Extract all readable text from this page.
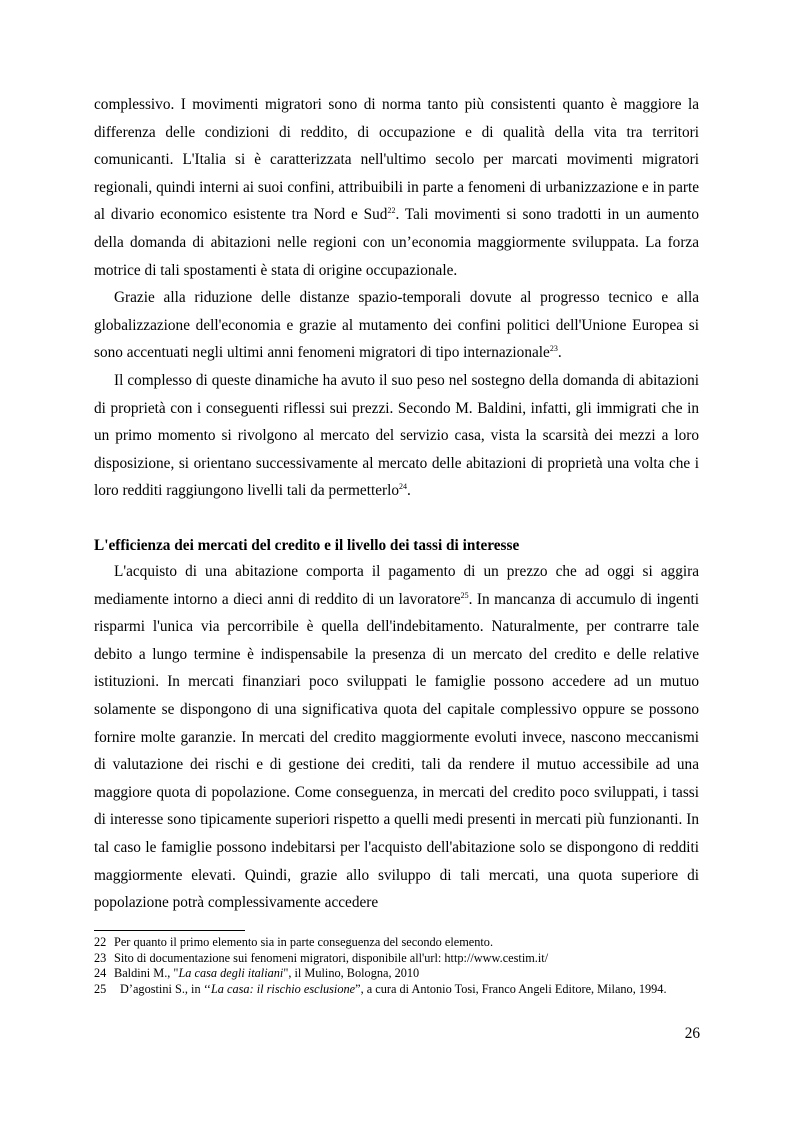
complessivo. I movimenti migratori sono di norma tanto più consistenti quanto è maggiore la differenza delle condizioni di reddito, di occupazione e di qualità della vita tra territori comunicanti. L'Italia si è caratterizzata nell'ultimo secolo per marcati movimenti migratori regionali, quindi interni ai suoi confini, attribuibili in parte a fenomeni di urbanizzazione e in parte al divario economico esistente tra Nord e Sud$^{22}$. Tali movimenti si sono tradotti in un aumento della domanda di abitazioni nelle regioni con un’economia maggiormente sviluppata. La forza motrice di tali spostamenti è stata di origine occupazionale.

Grazie alla riduzione delle distanze spazio-temporali dovute al progresso tecnico e alla globalizzazione dell'economia e grazie al mutamento dei confini politici dell'Unione Europea si sono accentuati negli ultimi anni fenomeni migratori di tipo internazionale$^{23}$.

Il complesso di queste dinamiche ha avuto il suo peso nel sostegno della domanda di abitazioni di proprietà con i conseguenti riflessi sui prezzi. Secondo M. Baldini, infatti, gli immigrati che in un primo momento si rivolgono al mercato del servizio casa, vista la scarsità dei mezzi a loro disposizione, si orientano successivamente al mercato delle abitazioni di proprietà una volta che i loro redditi raggiungono livelli tali da permetterlo$^{24}$.

L'efficienza dei mercati del credito e il livello dei tassi di interesse

L'acquisto di una abitazione comporta il pagamento di un prezzo che ad oggi si aggira mediamente intorno a dieci anni di reddito di un lavoratore$^{25}$. In mancanza di accumulo di ingenti risparmi l'unica via percorribile è quella dell'indebitamento. Naturalmente, per contrarre tale debito a lungo termine è indispensabile la presenza di un mercato del credito e delle relative istituzioni. In mercati finanziari poco sviluppati le famiglie possono accedere ad un mutuo solamente se dispongono di una significativa quota del capitale complessivo oppure se possono fornire molte garanzie. In mercati del credito maggiormente evoluti invece, nascono meccanismi di valutazione dei rischi e di gestione dei crediti, tali da rendere il mutuo accessibile ad una maggiore quota di popolazione. Come conseguenza, in mercati del credito poco sviluppati, i tassi di interesse sono tipicamente superiori rispetto a quelli medi presenti in mercati più funzionanti. In tal caso le famiglie possono indebitarsi per l'acquisto dell'abitazione solo se dispongono di redditi maggiormente elevati. Quindi, grazie allo sviluppo di tali mercati, una quota superiore di popolazione potrà complessivamente accedere

22 Per quanto il primo elemento sia in parte conseguenza del secondo elemento.

23 Sito di documentazione sui fenomeni migratori, disponibile all'url: http://www.cestim.it/

24 Baldini M., "La casa degli italiani", il Mulino, Bologna, 2010

25 D’agostini S., in ‘‘La casa: il rischio esclusione”, a cura di Antonio Tosi, Franco Angeli Editore, Milano, 1994.

26
